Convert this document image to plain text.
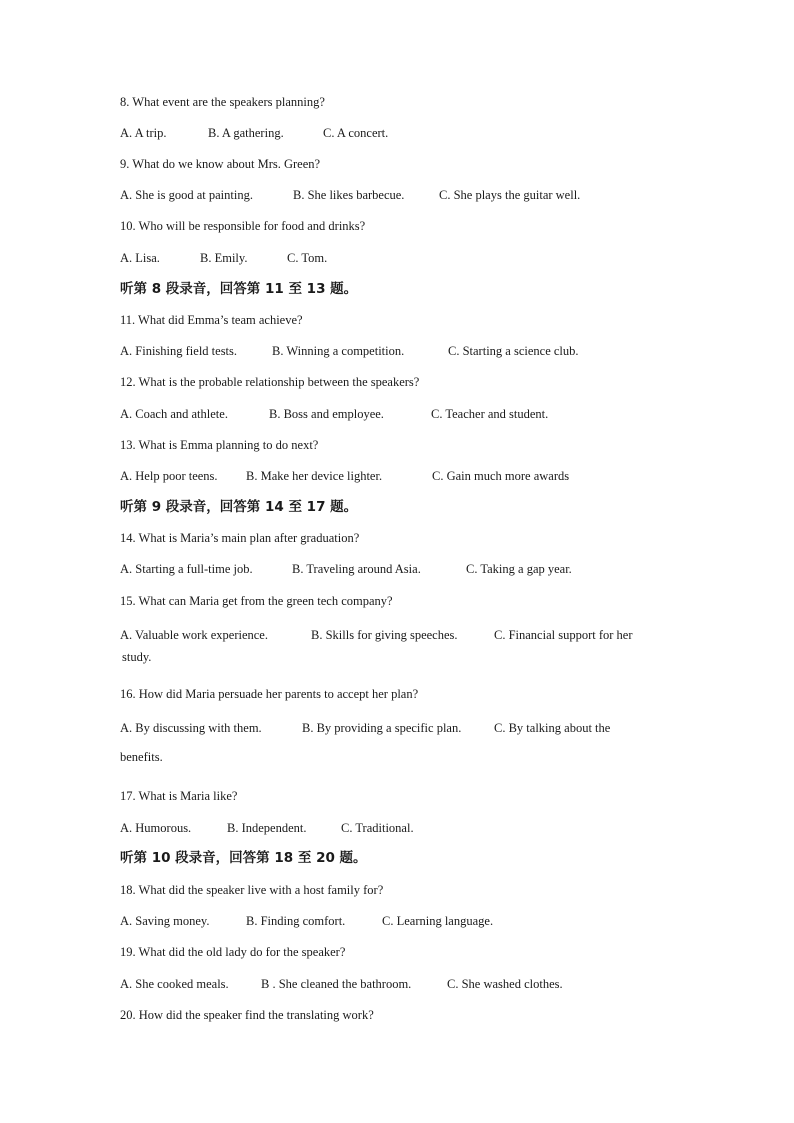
8. What event are the speakers planning?
A. A trip.	B. A gathering.	C. A concert.
9. What do we know about Mrs. Green?
A. She is good at painting.	B. She likes barbecue.	C. She plays the guitar well.
10. Who will be responsible for food and drinks?
A. Lisa.	B. Emily.	C. Tom.
听第 8 段录音，回答第 11 至 13 题。
11. What did Emma’s team achieve?
A. Finishing field tests.	B. Winning a competition.	C. Starting a science club.
12. What is the probable relationship between the speakers?
A. Coach and athlete.	B. Boss and employee.	C. Teacher and student.
13. What is Emma planning to do next?
A. Help poor teens. B. Make her device lighter.	C. Gain much more awards
听第 9 段录音，回答第 14 至 17 题。
14. What is Maria’s main plan after graduation?
A. Starting a full-time job.	B. Traveling around Asia.	C. Taking a gap year.
15. What can Maria get from the green tech company?
A. Valuable work experience.	B. Skills for giving speeches.	C. Financial support for her
study.
16. How did Maria persuade her parents to accept her plan?
A. By discussing with them.	B. By providing a specific plan.	C. By talking about the
benefits.
17. What is Maria like?
A. Humorous.	B. Independent.	C. Traditional.
听第 10 段录音，回答第 18 至 20 题。
18. What did the speaker live with a host family for?
A. Saving money.	B. Finding comfort.	C. Learning language.
19. What did the old lady do for the speaker?
A. She cooked meals.	B . She cleaned the bathroom.	C. She washed clothes.
20. How did the speaker find the translating work?
